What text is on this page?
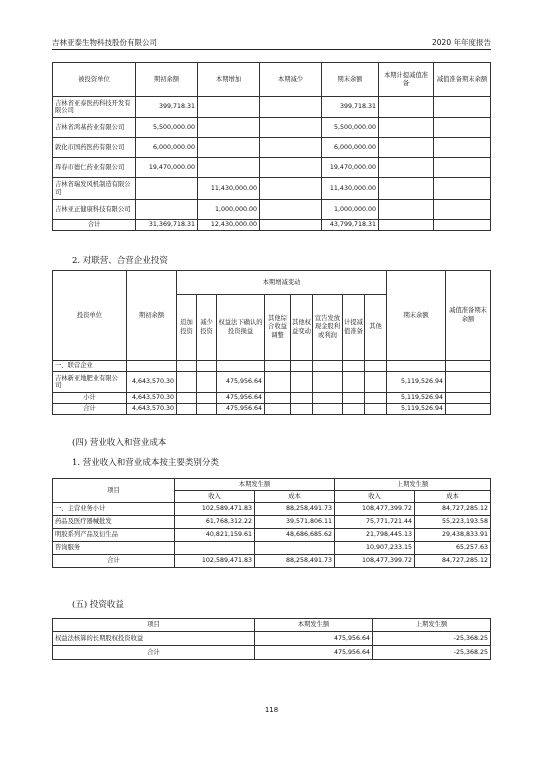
吉林亚泰生物科技股份有限公司	2020 年年度报告
被投资单位	期初余额	本期增加	本期减少	期末余额	本期计提减值准备	减值准备期末余额
吉林省亚泰医药科技开发有限公司	399,718.31			399,718.31		
吉林省鸿基药业有限公司	5,500,000.00			5,500,000.00		
敦化市国药医药有限公司	6,000,000.00			6,000,000.00		
珲春市德仁药业有限公司	19,470,000.00			19,470,000.00		
吉林省瑞发风机制造有限公司		11,430,000.00		11,430,000.00		
吉林亚正健康科技有限公司		1,000,000.00		1,000,000.00		
合计	31,369,718.31	12,430,000.00		43,799,718.31		
2. 对联营、合营企业投资
投资单位	期初余额	本期增减变动								期末余额	减值准备期末余额
		追加投资	减少投资	权益法下确认的投资损益	其他综合收益调整	其他权益变动	宣告发放现金股利或利润	计提减值准备	其他		
一、联营企业											
吉林新亚地肥业有限公司	4,643,570.30			475,956.64						5,119,526.94	
小计	4,643,570.30			475,956.64						5,119,526.94	
合计	4,643,570.30			475,956.64						5,119,526.94	
(四) 营业收入和营业成本
1. 营业收入和营业成本按主要类别分类
项目	本期发生额		上期发生额	
	收入	成本	收入	成本
一、主营业务小计	102,589,471.83	88,258,491.73	108,477,399.72	84,727,285.12
药品及医疗器械批发	61,768,312.22	39,571,806.11	75,771,721.44	55,223,193.58
明胶系列产品及衍生品	40,821,159.61	48,686,685.62	21,798,445.13	29,438,833.91
咨询服务			10,907,233.15	65,257.63
合计	102,589,471.83	88,258,491.73	108,477,399.72	84,727,285.12
(五) 投资收益
项目	本期发生额	上期发生额
权益法核算的长期股权投资收益	475,956.64	-25,368.25
合计	475,956.64	-25,368.25
118
